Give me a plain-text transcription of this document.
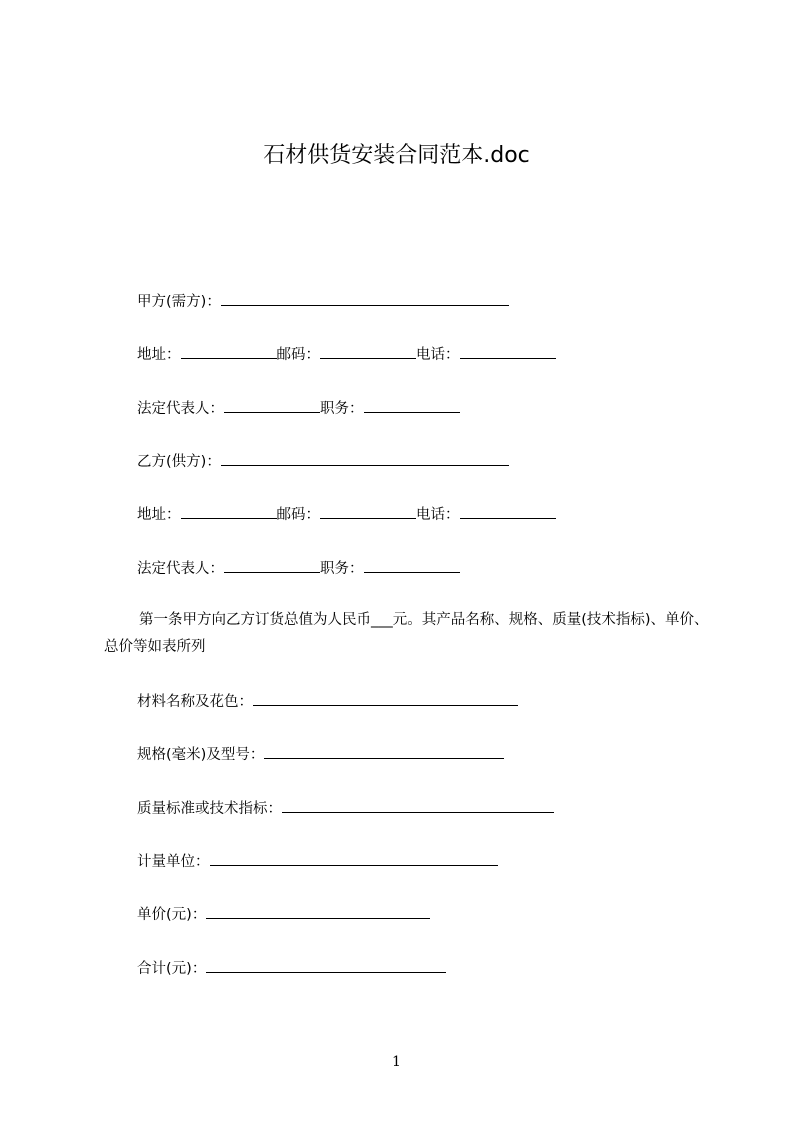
石材供货安装合同范本.doc
甲方(需方)：
地址：	邮码：	电话：
法定代表人：	职务：
乙方(供方)：
地址：	邮码：	电话：
法定代表人：	职务：
第一条甲方向乙方订货总值为人民币___元。其产品名称、规格、质量(技术指标)、单价、总价等如表所列
材料名称及花色：
规格(毫米)及型号：
质量标准或技术指标：
计量单位：
单价(元)：
合计(元)：
1
